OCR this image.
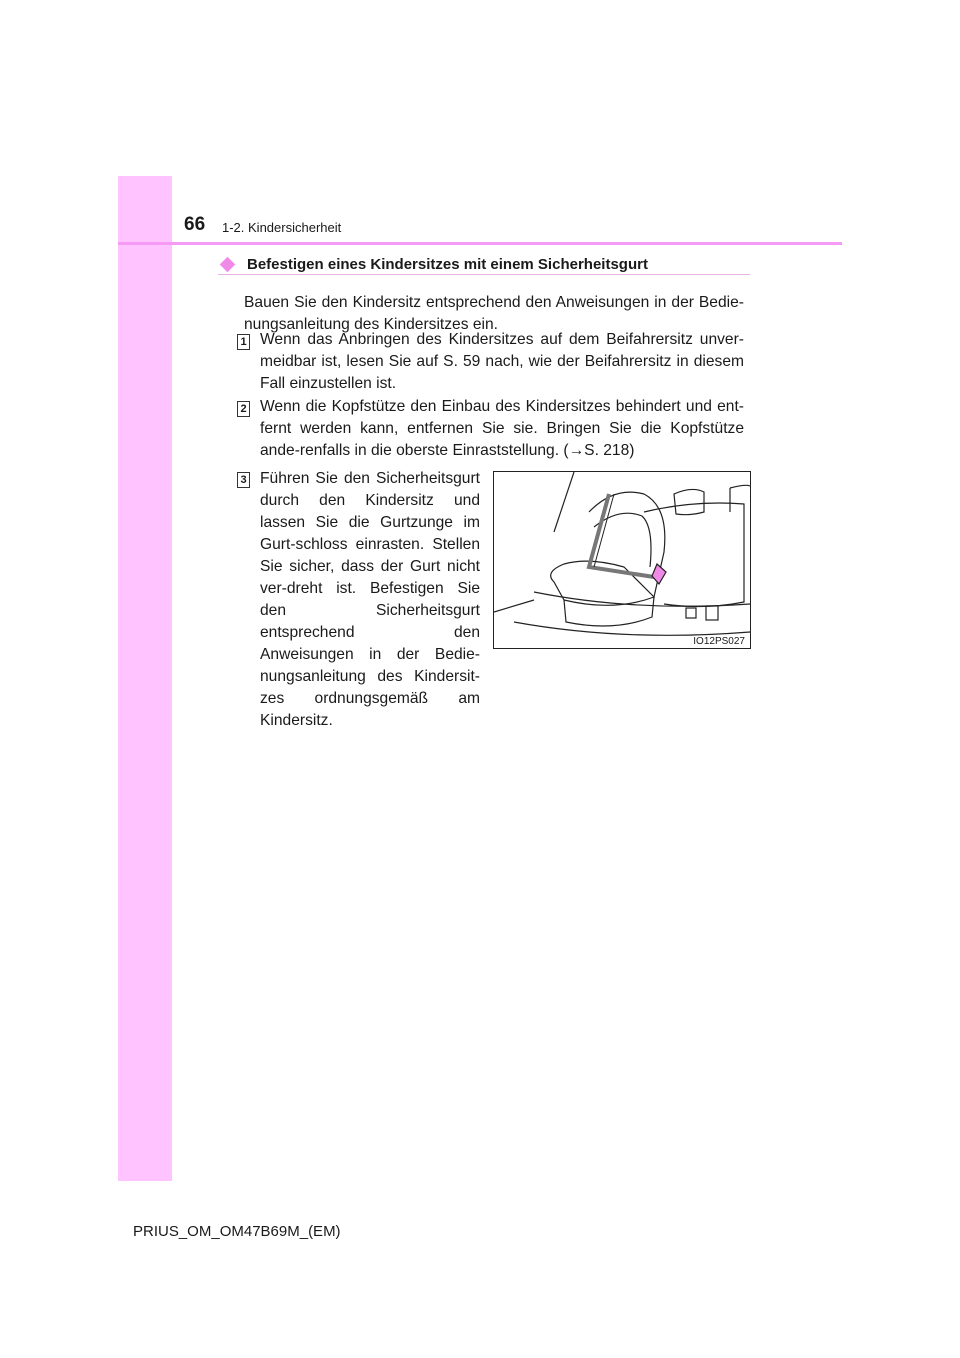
66 1-2. Kindersicherheit
Befestigen eines Kindersitzes mit einem Sicherheitsgurt
Bauen Sie den Kindersitz entsprechend den Anweisungen in der Bedie-nungsanleitung des Kindersitzes ein.
1 Wenn das Anbringen des Kindersitzes auf dem Beifahrersitz unver-meidbar ist, lesen Sie auf S. 59 nach, wie der Beifahrersitz in diesem Fall einzustellen ist.
2 Wenn die Kopfstütze den Einbau des Kindersitzes behindert und ent-fernt werden kann, entfernen Sie sie. Bringen Sie die Kopfstütze ande-renfalls in die oberste Einraststellung. (→S. 218)
3 Führen Sie den Sicherheitsgurt durch den Kindersitz und lassen Sie die Gurtzunge im Gurt-schloss einrasten. Stellen Sie sicher, dass der Gurt nicht ver-dreht ist. Befestigen Sie den Sicherheitsgurt entsprechend den Anweisungen in der Bedie-nungsanleitung des Kindersit-zes ordnungsgemäß am Kindersitz.
IO12PS027
PRIUS_OM_OM47B69M_(EM)
